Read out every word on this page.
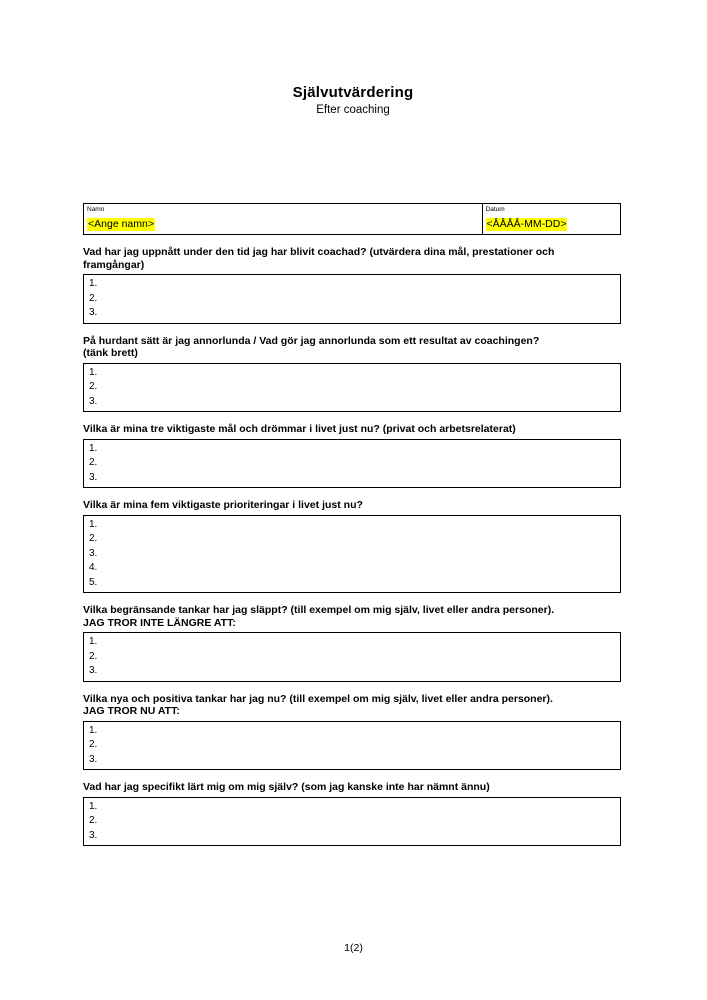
Självutvärdering
Efter coaching
Namn
<Ange namn>
Datum
<ÅÅÅÅ-MM-DD>
Vad har jag uppnått under den tid jag har blivit coachad? (utvärdera dina mål, prestationer och
framgångar)
1.
2.
3.
På hurdant sätt är jag annorlunda / Vad gör jag annorlunda som ett resultat av coachingen?
(tänk brett)
1.
2.
3.
Vilka är mina tre viktigaste mål och drömmar i livet just nu? (privat och arbetsrelaterat)
1.
2.
3.
Vilka är mina fem viktigaste prioriteringar i livet just nu?
1.
2.
3.
4.
5.
Vilka begränsande tankar har jag släppt? (till exempel om mig själv, livet eller andra personer).
JAG TROR INTE LÄNGRE ATT:
1.
2.
3.
Vilka nya och positiva tankar har jag nu? (till exempel om mig själv, livet eller andra personer).
JAG TROR NU ATT:
1.
2.
3.
Vad har jag specifikt lärt mig om mig själv? (som jag kanske inte har nämnt ännu)
1.
2.
3.
1(2)
